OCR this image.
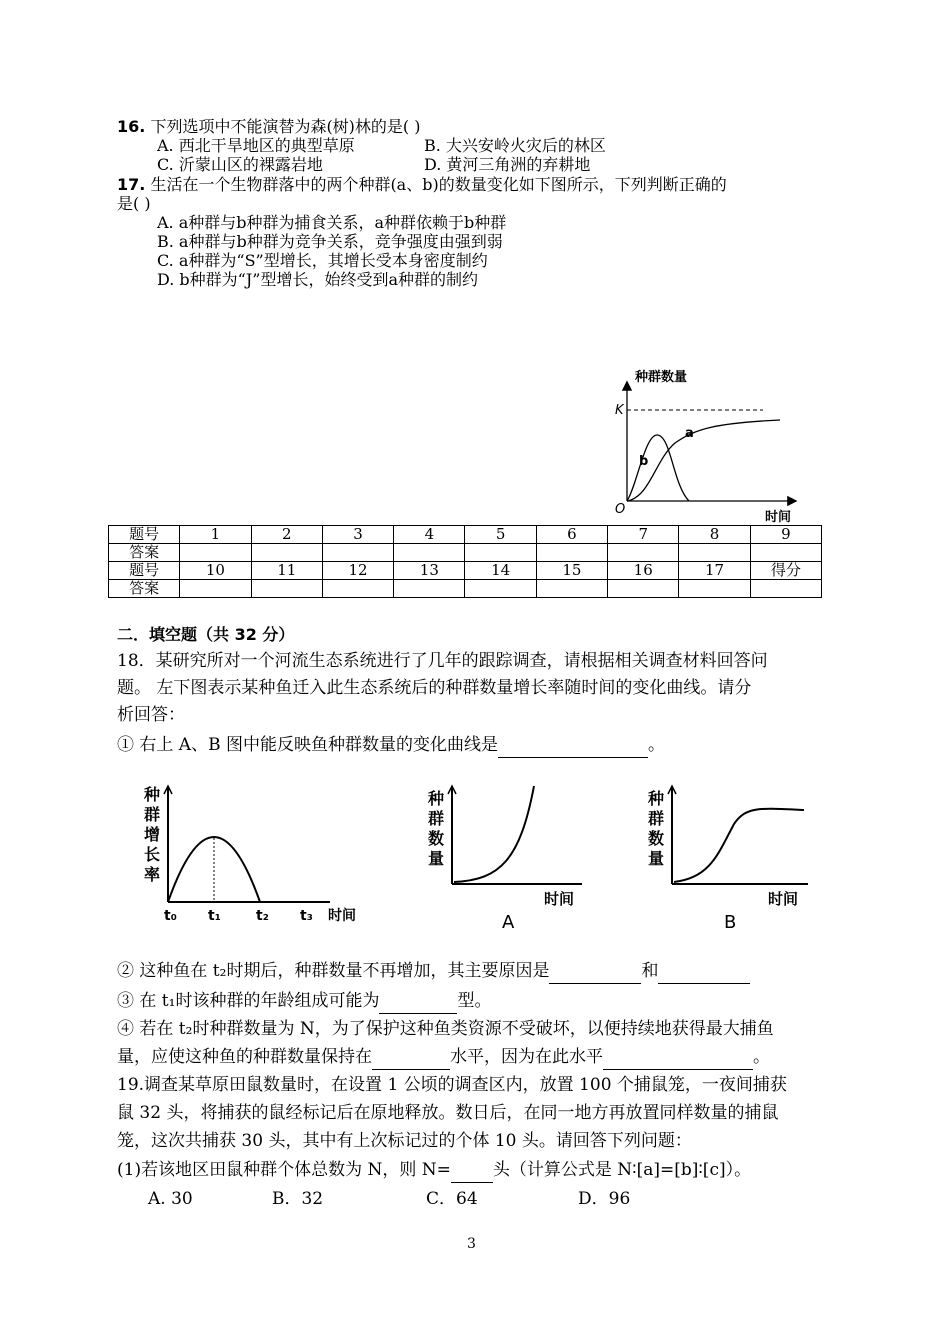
16. 下列选项中不能演替为森(树)林的是( )
A. 西北干旱地区的典型草原	B. 大兴安岭火灾后的林区
C. 沂蒙山区的裸露岩地	D. 黄河三角洲的弃耕地
17. 生活在一个生物群落中的两个种群(a、b)的数量变化如下图所示，下列判断正确的
是( )
A. a种群与b种群为捕食关系，a种群依赖于b种群
B. a种群与b种群为竞争关系，竞争强度由强到弱
C. a种群为“S”型增长，其增长受本身密度制约
D. b种群为“J”型增长，始终受到a种群的制约
种群数量
K
O
时间
a
b
题号	1	2	3	4	5	6	7	8	9
答案									
题号	10	11	12	13	14	15	16	17	得分
答案									
二．填空题（共 32 分）
18．某研究所对一个河流生态系统进行了几年的跟踪调查，请根据相关调查材料回答问
题。 左下图表示某种鱼迁入此生态系统后的种群数量增长率随时间的变化曲线。请分
析回答：
① 右上 A、B 图中能反映鱼种群数量的变化曲线是	。
种
群
增
长
率
t₀ t₁	t₂ t₃ 时间
种
群
数
量
时间
A
种
群
数
量
时间
B
② 这种鱼在 t₂时期后，种群数量不再增加，其主要原因是	和
③ 在 t₁时该种群的年龄组成可能为	型。
④ 若在 t₂时种群数量为 N，为了保护这种鱼类资源不受破坏，以便持续地获得最大捕鱼
量，应使这种鱼的种群数量保持在	水平，因为在此水平	。
19.调查某草原田鼠数量时，在设置 1 公顷的调查区内，放置 100 个捕鼠笼，一夜间捕获
鼠 32 头，将捕获的鼠经标记后在原地释放。数日后，在同一地方再放置同样数量的捕鼠
笼，这次共捕获 30 头，其中有上次标记过的个体 10 头。请回答下列问题：
(1)若该地区田鼠种群个体总数为 N，则 N= 头（计算公式是 N∶[a]=[b]∶[c]）。
A. 30	B．32	C．64	D．96
3
